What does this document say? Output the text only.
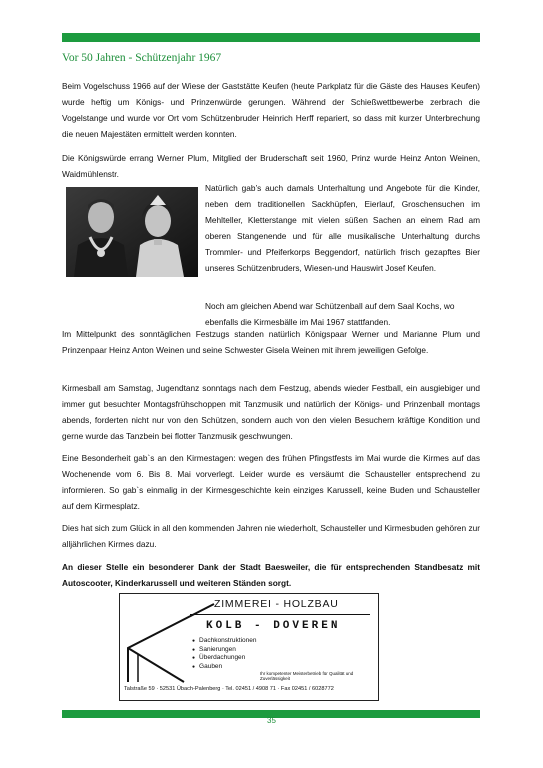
Vor 50 Jahren - Schützenjahr 1967

Beim Vogelschuss 1966 auf der Wiese der Gaststätte Keufen (heute Parkplatz für die Gäste des Hauses Keufen) wurde heftig um Königs- und Prinzenwürde gerungen. Während der Schießwettbewerbe zerbrach die Vogelstange und wurde vor Ort vom Schützenbruder Heinrich Herff repariert, so dass mit kurzer Unterbrechung die neuen Majestäten ermittelt werden konnten.

Die Königswürde errang Werner Plum, Mitglied der Bruderschaft seit 1960, Prinz wurde Heinz Anton Weinen, Waidmühlenstr.

Natürlich gab’s auch damals Unterhaltung und Angebote für die Kinder, neben dem traditionellen Sackhüpfen, Eierlauf, Groschensuchen im Mehlteller, Kletterstange mit vielen süßen Sachen an einem Rad am oberen Stangenende und für alle musikalische Unterhaltung durchs Trommler- und Pfeiferkorps Beggendorf, natürlich frisch gezapftes Bier unseres Schützenbruders, Wiesen-und Hauswirt Josef Keufen.

Noch am gleichen Abend war Schützenball auf dem Saal Kochs, wo ebenfalls die Kirmesbälle im Mai 1967 stattfanden.

Im Mittelpunkt des sonntäglichen Festzugs standen natürlich Königspaar Werner und Marianne Plum und Prinzenpaar Heinz Anton Weinen und seine Schwester Gisela Weinen mit ihrem jeweiligen Gefolge.

Kirmesball am Samstag, Jugendtanz sonntags nach dem Festzug, abends wieder Festball, ein ausgiebiger und immer gut besuchter Montagsfrühschoppen mit Tanzmusik und natürlich der Königs- und Prinzenball montags abends, forderten nicht nur von den Schützen, sondern auch von den vielen Besuchern kräftige Kondition und gerne wurde das Tanzbein bei flotter Tanzmusik geschwungen.

Eine Besonderheit gab`s an den Kirmestagen: wegen des frühen Pfingstfests im Mai wurde die Kirmes auf das Wochenende vom 6. Bis 8. Mai vorverlegt. Leider wurde es versäumt die Schausteller entsprechend zu informieren. So gab`s einmalig in der Kirmesgeschichte kein einziges Karussell, keine Buden und Schausteller auf dem Kirmesplatz.

Dies hat sich zum Glück in all den kommenden Jahren nie wiederholt, Schausteller und Kirmesbuden gehören zur alljährlichen Kirmes dazu.

An dieser Stelle ein besonderer Dank der Stadt Baesweiler, die für entsprechenden Standbesatz mit Autoscooter, Kinderkarussell und weiteren Ständen sorgt.

ZIMMEREI - HOLZBAU
KOLB - DOVEREN
● Dachkonstruktionen
● Sanierungen
● Überdachungen
● Gauben
Ihr kompetenter Meisterbetrieb für Qualität und Zuverlässigkeit
Talstraße 59 · 52531 Übach-Palenberg · Tel. 02451 / 4908 71 · Fax 02451 / 6028772
35
